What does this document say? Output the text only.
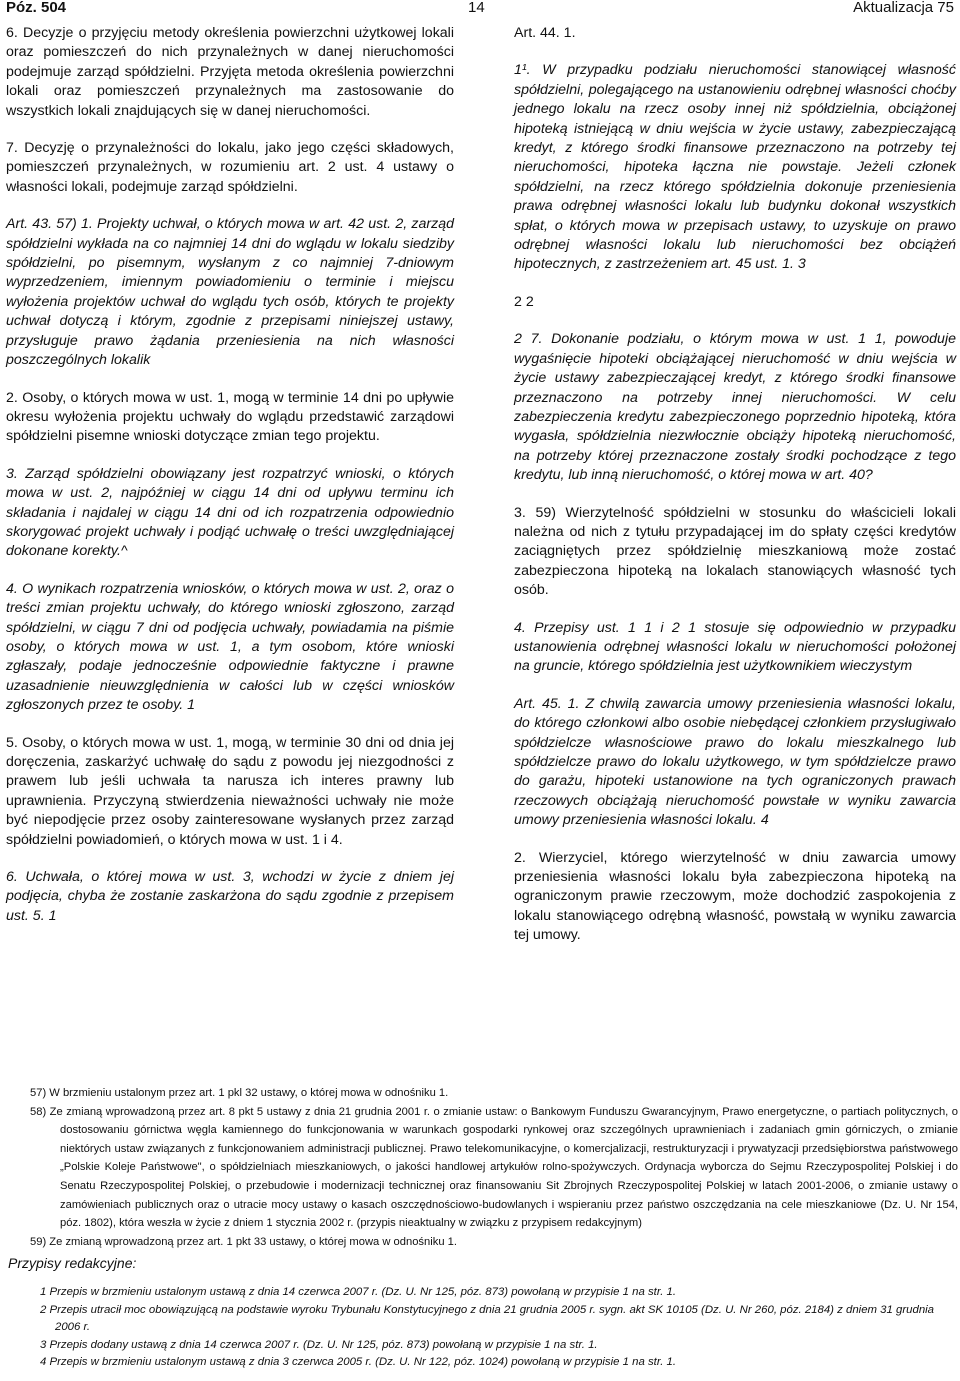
Póz. 504	14	Aktualizacja 75

6. Decyzje o przyjęciu metody określenia powierzchni użytkowej lokali oraz pomieszczeń do nich przynależnych w danej nieruchomości podejmuje zarząd spółdzielni. Przyjęta metoda określenia powierzchni lokali oraz pomieszczeń przynależnych ma zastosowanie do wszystkich lokali znajdujących się w danej nieruchomości.

7. Decyzję o przynależności do lokalu, jako jego części składowych, pomieszczeń przynależnych, w rozumieniu art. 2 ust. 4 ustawy o własności lokali, podejmuje zarząd spółdzielni.

Art. 43. 57) 1. Projekty uchwał, o których mowa w art. 42 ust. 2, zarząd spółdzielni wykłada na co najmniej 14 dni do wglądu w lokalu siedziby spółdzielni, po pisemnym, wysłanym z co najmniej 7-dniowym wyprzedzeniem, imiennym powiadomieniu o terminie i miejscu wyłożenia projektów uchwał do wglądu tych osób, których te projekty uchwał dotyczą i którym, zgodnie z przepisami niniejszej ustawy, przysługuje prawo żądania przeniesienia na nich własności poszczególnych lokalik

2. Osoby, o których mowa w ust. 1, mogą w terminie 14 dni po upływie okresu wyłożenia projektu uchwały do wglądu przedstawić zarządowi spółdzielni pisemne wnioski dotyczące zmian tego projektu.

3. Zarząd spółdzielni obowiązany jest rozpatrzyć wnioski, o których mowa w ust. 2, najpóźniej w ciągu 14 dni od upływu terminu ich składania i najdalej w ciągu 14 dni od ich rozpatrzenia odpowiednio skorygować projekt uchwały i podjąć uchwałę o treści uwzględniającej dokonane korekty.^

4. O wynikach rozpatrzenia wniosków, o których mowa w ust. 2, oraz o treści zmian projektu uchwały, do którego wnioski zgłoszono, zarząd spółdzielni, w ciągu 7 dni od podjęcia uchwały, powiadamia na piśmie osoby, o których mowa w ust. 1, a tym osobom, które wnioski zgłaszały, podaje jednocześnie odpowiednie faktyczne i prawne uzasadnienie nieuwzględnienia w całości lub w części wniosków zgłoszonych przez te osoby. 1

5. Osoby, o których mowa w ust. 1, mogą, w terminie 30 dni od dnia jej doręczenia, zaskarżyć uchwałę do sądu z powodu jej niezgodności z prawem lub jeśli uchwała ta narusza ich interes prawny lub uprawnienia. Przyczyną stwierdzenia nieważności uchwały nie może być niepodjęcie przez osoby zainteresowane wysłanych przez zarząd spółdzielni powiadomień, o których mowa w ust. 1 i 4.

6. Uchwała, o której mowa w ust. 3, wchodzi w życie z dniem jej podjęcia, chyba że zostanie zaskarżona do sądu zgodnie z przepisem ust. 5. 1

Art. 44. 1.

1¹. W przypadku podziału nieruchomości stanowiącej własność spółdzielni, polegającego na ustanowieniu odrębnej własności choćby jednego lokalu na rzecz osoby innej niż spółdzielnia, obciążonej hipoteką istniejącą w dniu wejścia w życie ustawy, zabezpieczającą kredyt, z którego środki finansowe przeznaczono na potrzeby tej nieruchomości, hipoteka łączna nie powstaje. Jeżeli członek spółdzielni, na rzecz którego spółdzielnia dokonuje przeniesienia prawa odrębnej własności lokalu lub budynku dokonał wszystkich spłat, o których mowa w przepisach ustawy, to uzyskuje on prawo odrębnej własności lokalu lub nieruchomości bez obciążeń hipotecznych, z zastrzeżeniem art. 45 ust. 1. 3

2 2

2 7. Dokonanie podziału, o którym mowa w ust. 1 1, powoduje wygaśnięcie hipoteki obciążającej nieruchomość w dniu wejścia w życie ustawy zabezpieczającej kredyt, z którego środki finansowe przeznaczono na potrzeby innej nieruchomości. W celu zabezpieczenia kredytu zabezpieczonego poprzednio hipoteką, która wygasła, spółdzielnia niezwłocznie obciąży hipoteką nieruchomość, na potrzeby której przeznaczone zostały środki pochodzące z tego kredytu, lub inną nieruchomość, o której mowa w art. 40?

3. 59) Wierzytelność spółdzielni w stosunku do właścicieli lokali należna od nich z tytułu przypadającej im do spłaty części kredytów zaciągniętych przez spółdzielnię mieszkaniową może zostać zabezpieczona hipoteką na lokalach stanowiących własność tych osób.

4. Przepisy ust. 1 1 i 2 1 stosuje się odpowiednio w przypadku ustanowienia odrębnej własności lokalu w nieruchomości położonej na gruncie, którego spółdzielnia jest użytkownikiem wieczystym

Art. 45. 1. Z chwilą zawarcia umowy przeniesienia własności lokalu, do którego członkowi albo osobie niebędącej członkiem przysługiwało spółdzielcze własnościowe prawo do lokalu mieszkalnego lub spółdzielcze prawo do lokalu użytkowego, w tym spółdzielcze prawo do garażu, hipoteki ustanowione na tych ograniczonych prawach rzeczowych obciążają nieruchomość powstałe w wyniku zawarcia umowy przeniesienia własności lokalu. 4

2. Wierzyciel, którego wierzytelność w dniu zawarcia umowy przeniesienia własności lokalu była zabezpieczona hipoteką na ograniczonym prawie rzeczowym, może dochodzić zaspokojenia z lokalu stanowiącego odrębną własność, powstałą w wyniku zawarcia tej umowy.

57) W brzmieniu ustalonym przez art. 1 pkl 32 ustawy, o której mowa w odnośniku 1.

58) Ze zmianą wprowadzoną przez art. 8 pkt 5 ustawy z dnia 21 grudnia 2001 r. o zmianie ustaw: o Bankowym Funduszu Gwarancyjnym, Prawo energetyczne, o partiach politycznych, o dostosowaniu górnictwa węgla kamiennego do funkcjonowania w warunkach gospodarki rynkowej oraz szczególnych uprawnieniach i zadaniach gmin górniczych, o zmianie niektórych ustaw związanych z funkcjonowaniem administracji publicznej. Prawo telekomunikacyjne, o komercjalizacji, restrukturyzacji i prywatyzacji przedsiębiorstwa państwowego „Polskie Koleje Państwowe", o spółdzielniach mieszkaniowych, o jakości handlowej artykułów rolno-spożywczych. Ordynacja wyborcza do Sejmu Rzeczypospolitej Polskiej i do Senatu Rzeczypospolitej Polskiej, o przebudowie i modernizacji technicznej oraz finansowaniu Sit Zbrojnych Rzeczypospolitej Polskiej w latach 2001-2006, o zmianie ustawy o zamówieniach publicznych oraz o utracie mocy ustawy o kasach oszczędnościowo-budowlanych i wspieraniu przez państwo oszczędzania na cele mieszkaniowe (Dz. U. Nr 154, póz. 1802), która weszła w życie z dniem 1 stycznia 2002 r. (przypis nieaktualny w związku z przypisem redakcyjnym)

59) Ze zmianą wprowadzoną przez art. 1 pkt 33 ustawy, o której mowa w odnośniku 1.

Przypisy redakcyjne:

1 Przepis w brzmieniu ustalonym ustawą z dnia 14 czerwca 2007 r. (Dz. U. Nr 125, póz. 873) powołaną w przypisie 1 na str. 1.

2 Przepis utracił moc obowiązującą na podstawie wyroku Trybunału Konstytucyjnego z dnia 21 grudnia 2005 r. sygn. akt SK 10105 (Dz. U. Nr 260, póz. 2184) z dniem 31 grudnia 2006 r.

3 Przepis dodany ustawą z dnia 14 czerwca 2007 r. (Dz. U. Nr 125, póz. 873) powołaną w przypisie 1 na str. 1.

4 Przepis w brzmieniu ustalonym ustawą z dnia 3 czerwca 2005 r. (Dz. U. Nr 122, póz. 1024) powołaną w przypisie 1 na str. 1.
